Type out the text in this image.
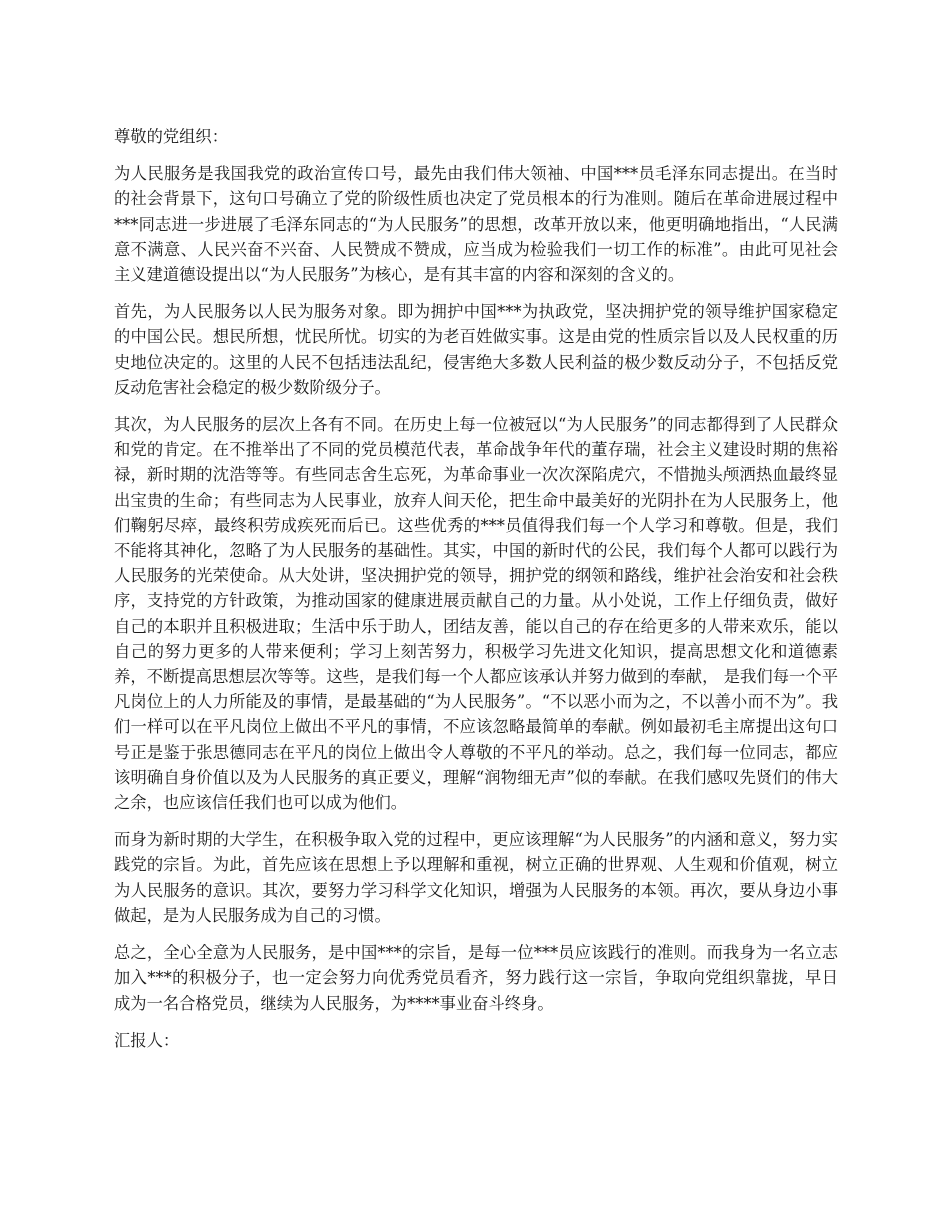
尊敬的党组织：

为人民服务是我国我党的政治宣传口号，最先由我们伟大领袖、中国***员毛泽东同志提出。在当时的社会背景下，这句口号确立了党的阶级性质也决定了党员根本的行为准则。随后在革命进展过程中***同志进一步进展了毛泽东同志的“为人民服务”的思想，改革开放以来，他更明确地指出，“人民满意不满意、人民兴奋不兴奋、人民赞成不赞成，应当成为检验我们一切工作的标准”。由此可见社会主义建道德设提出以“为人民服务”为核心，是有其丰富的内容和深刻的含义的。

首先，为人民服务以人民为服务对象。即为拥护中国***为执政党，坚决拥护党的领导维护国家稳定的中国公民。想民所想，忧民所忧。切实的为老百姓做实事。这是由党的性质宗旨以及人民权重的历史地位决定的。这里的人民不包括违法乱纪，侵害绝大多数人民利益的极少数反动分子，不包括反党反动危害社会稳定的极少数阶级分子。

其次，为人民服务的层次上各有不同。在历史上每一位被冠以“为人民服务”的同志都得到了人民群众和党的肯定。在不推举出了不同的党员模范代表，革命战争年代的董存瑞，社会主义建设时期的焦裕禄，新时期的沈浩等等。有些同志舍生忘死，为革命事业一次次深陷虎穴，不惜抛头颅洒热血最终显出宝贵的生命；有些同志为人民事业，放弃人间天伦，把生命中最美好的光阴扑在为人民服务上，他们鞠躬尽瘁，最终积劳成疾死而后已。这些优秀的***员值得我们每一个人学习和尊敬。但是，我们不能将其神化，忽略了为人民服务的基础性。其实，中国的新时代的公民，我们每个人都可以践行为人民服务的光荣使命。从大处讲，坚决拥护党的领导，拥护党的纲领和路线，维护社会治安和社会秩序，支持党的方针政策，为推动国家的健康进展贡献自己的力量。从小处说，工作上仔细负责，做好自己的本职并且积极进取；生活中乐于助人，团结友善，能以自己的存在给更多的人带来欢乐，能以自己的努力更多的人带来便利；学习上刻苦努力，积极学习先进文化知识，提高思想文化和道德素养，不断提高思想层次等等。这些，是我们每一个人都应该承认并努力做到的奉献， 是我们每一个平凡岗位上的人力所能及的事情，是最基础的“为人民服务”。“不以恶小而为之，不以善小而不为”。我们一样可以在平凡岗位上做出不平凡的事情，不应该忽略最简单的奉献。例如最初毛主席提出这句口号正是鉴于张思德同志在平凡的岗位上做出令人尊敬的不平凡的举动。总之，我们每一位同志，都应该明确自身价值以及为人民服务的真正要义，理解“润物细无声”似的奉献。在我们感叹先贤们的伟大之余，也应该信任我们也可以成为他们。

而身为新时期的大学生，在积极争取入党的过程中，更应该理解“为人民服务”的内涵和意义，努力实践党的宗旨。为此，首先应该在思想上予以理解和重视，树立正确的世界观、人生观和价值观，树立为人民服务的意识。其次，要努力学习科学文化知识，增强为人民服务的本领。再次，要从身边小事做起，是为人民服务成为自己的习惯。

总之，全心全意为人民服务，是中国***的宗旨，是每一位***员应该践行的准则。而我身为一名立志加入***的积极分子，也一定会努力向优秀党员看齐，努力践行这一宗旨，争取向党组织靠拢，早日成为一名合格党员，继续为人民服务，为****事业奋斗终身。

汇报人：
